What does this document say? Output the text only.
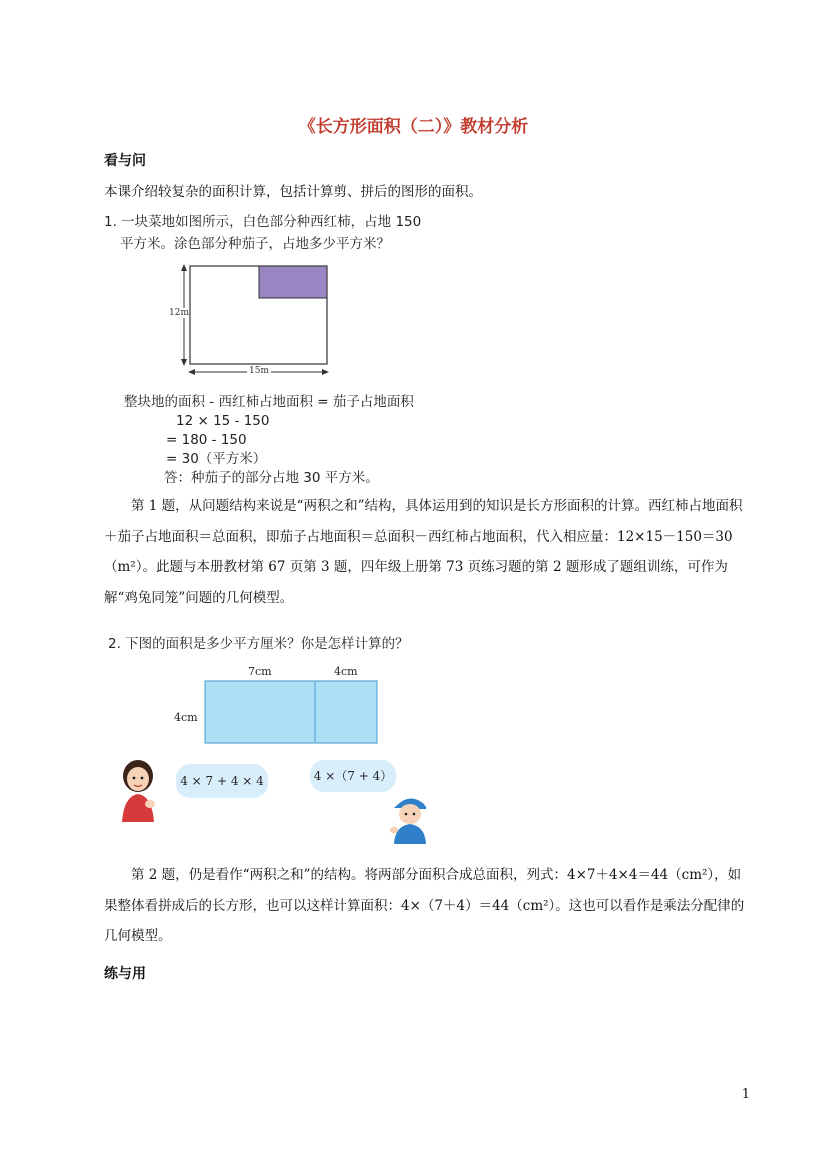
《长方形面积（二）》教材分析
看与问
本课介绍较复杂的面积计算，包括计算剪、拼后的图形的面积。
1. 一块菜地如图所示，白色部分种西红柿，占地 150
平方米。涂色部分种茄子，占地多少平方米？
12m
15m
整块地的面积 - 西红柿占地面积 = 茄子占地面积
12 × 15 - 150
= 180 - 150
= 30（平方米）
答：种茄子的部分占地 30 平方米。
第 1 题，从问题结构来说是“两积之和”结构，具体运用到的知识是长方形面积的计算。西红柿占地面积＋茄子占地面积＝总面积，即茄子占地面积＝总面积－西红柿占地面积，代入相应量：12×15－150＝30（m²）。此题与本册教材第 67 页第 3 题，四年级上册第 73 页练习题的第 2 题形成了题组训练，可作为解“鸡兔同笼”问题的几何模型。
2. 下图的面积是多少平方厘米？你是怎样计算的？
7cm	4cm
4cm
4 × 7 + 4 × 4	4 ×（7 + 4）
第 2 题，仍是看作“两积之和”的结构。将两部分面积合成总面积，列式：4×7＋4×4＝44（cm²），如果整体看拼成后的长方形，也可以这样计算面积：4×（7＋4）＝44（cm²）。这也可以看作是乘法分配律的几何模型。
练与用
1
